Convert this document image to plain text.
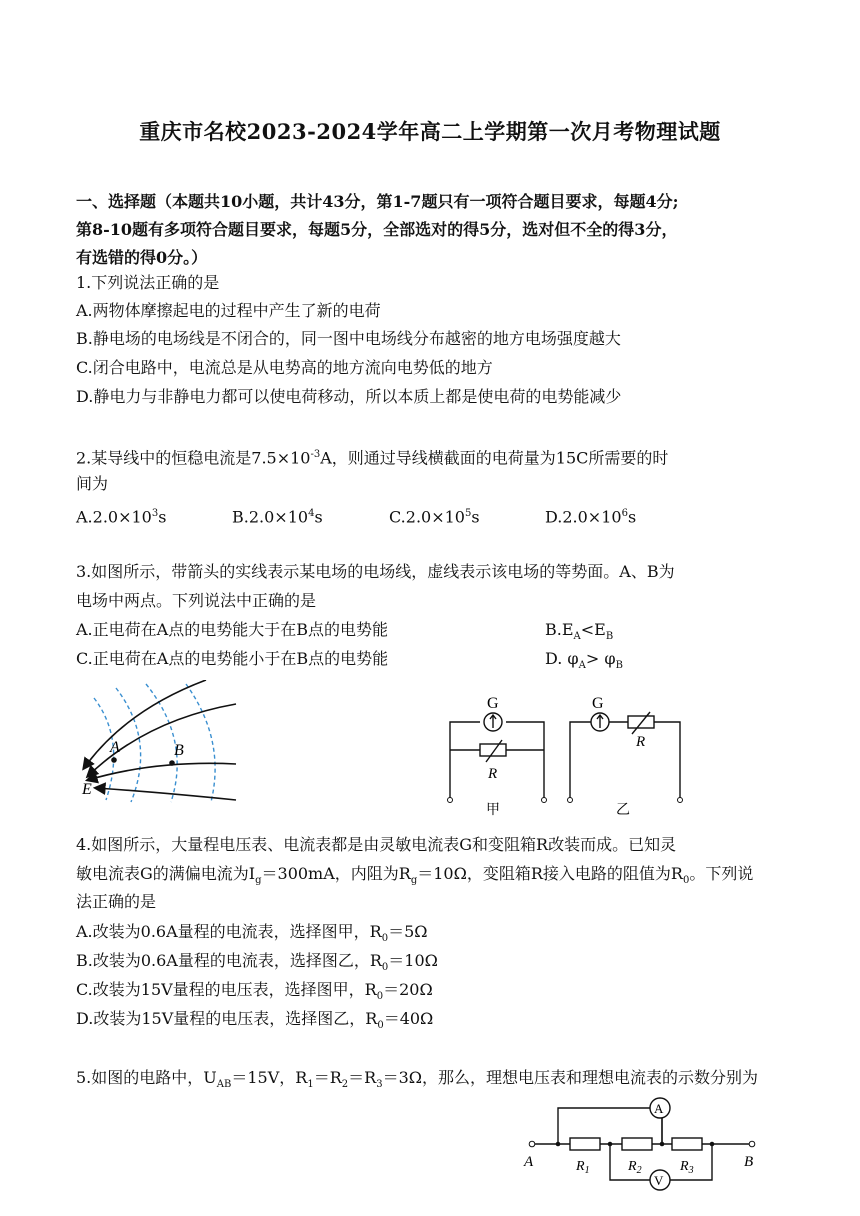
重庆市名校2023-2024学年高二上学期第一次月考物理试题
一、选择题（本题共10小题，共计43分，第1-7题只有一项符合题目要求，每题4分;
第8-10题有多项符合题目要求，每题5分，全部选对的得5分，选对但不全的得3分，
有选错的得0分。）
1.下列说法正确的是
A.两物体摩擦起电的过程中产生了新的电荷
B.静电场的电场线是不闭合的，同一图中电场线分布越密的地方电场强度越大
C.闭合电路中，电流总是从电势高的地方流向电势低的地方
D.静电力与非静电力都可以使电荷移动，所以本质上都是使电荷的电势能减少
2.某导线中的恒稳电流是$7.5\times 10^{-3}A$，则通过导线横截面的电荷量为15C所需要的时
间为
$A.2.0\times 10^3s$	$B.2.0\times 10^4s$	$C.2.0\times 10^5s$	$D.2.0\times 10^6s$
3.如图所示，带箭头的实线表示某电场的电场线，虚线表示该电场的等势面。A、B为
电场中两点。下列说法中正确的是
A.正电荷在A点的电势能大于在B点的电势能	$B.E_A<E_B$
C.正电荷在A点的电势能小于在B点的电势能	D. $\varphi_A> \varphi_B$
A	B
E
G	G
R
R
甲	乙
4.如图所示，大量程电压表、电流表都是由灵敏电流表G和变阻箱R改装而成。已知灵
敏电流表G的满偏电流为$I_g=300mA$，内阻为$R_g=10\Omega$，变阻箱R接入电路的阻值为$R_0$。下列说
法正确的是
A.改装为0.6A量程的电流表，选择图甲，$R_0=5\Omega$
B.改装为0.6A量程的电流表，选择图乙，$R_0=10\Omega$
C.改装为15V量程的电压表，选择图甲，$R_0=20\Omega$
D.改装为15V量程的电压表，选择图乙，$R_0=40\Omega$
5.如图的电路中，$U_{AB}=15V$，$R_1=R_2=R_3=3\Omega$，那么，理想电压表和理想电流表的示数分别为
A
V
A	B
$R_1$	$R_2$	$R_3$
